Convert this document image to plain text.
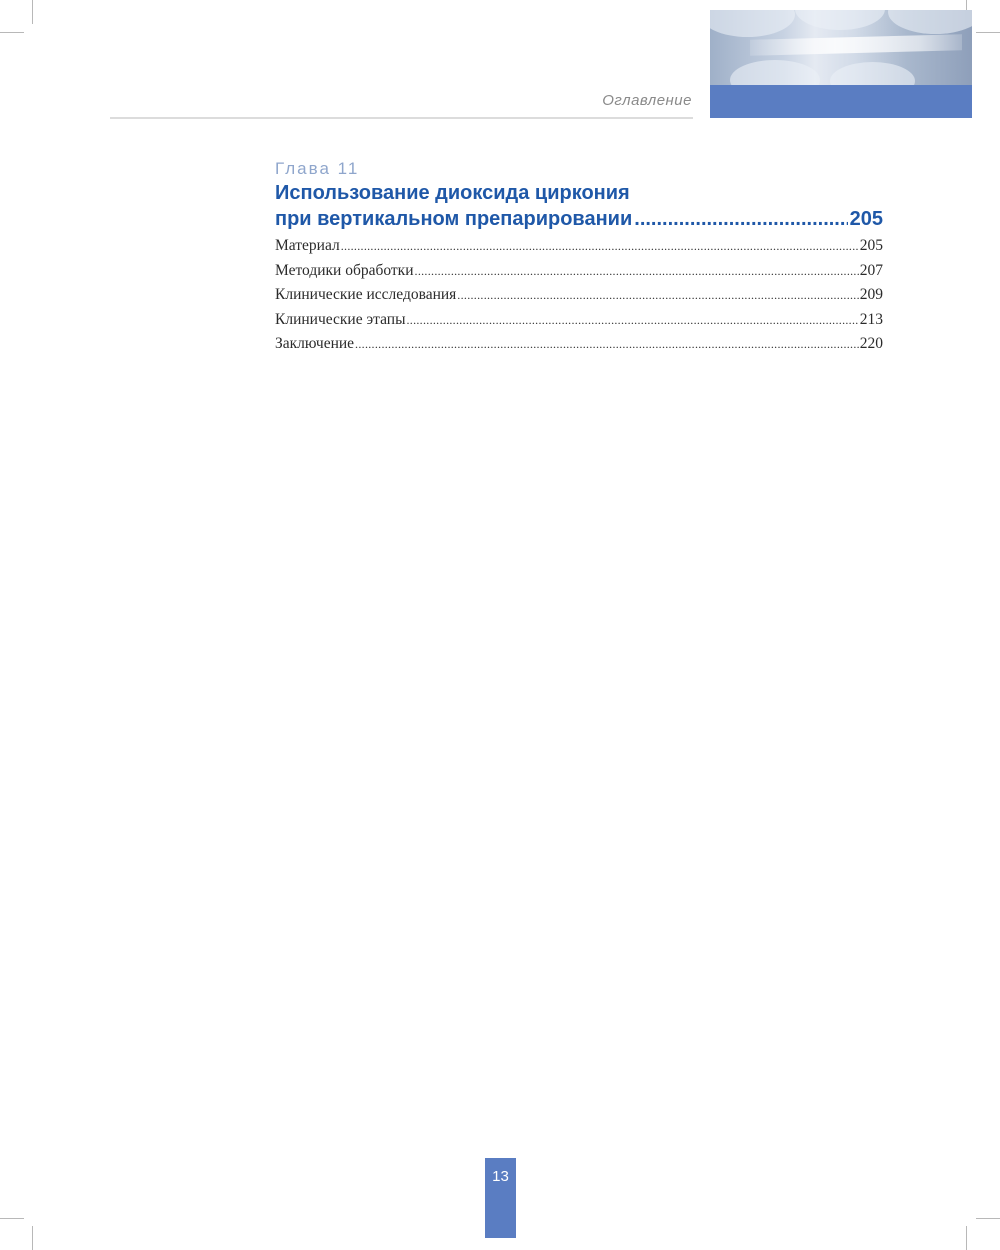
Оглавление
Глава 11
Использование диоксида циркония
при вертикальном препарировании .....	205
Материал .....	205
Методики обработки .....	207
Клинические исследования .....	209
Клинические этапы .....	213
Заключение .....	220
13
